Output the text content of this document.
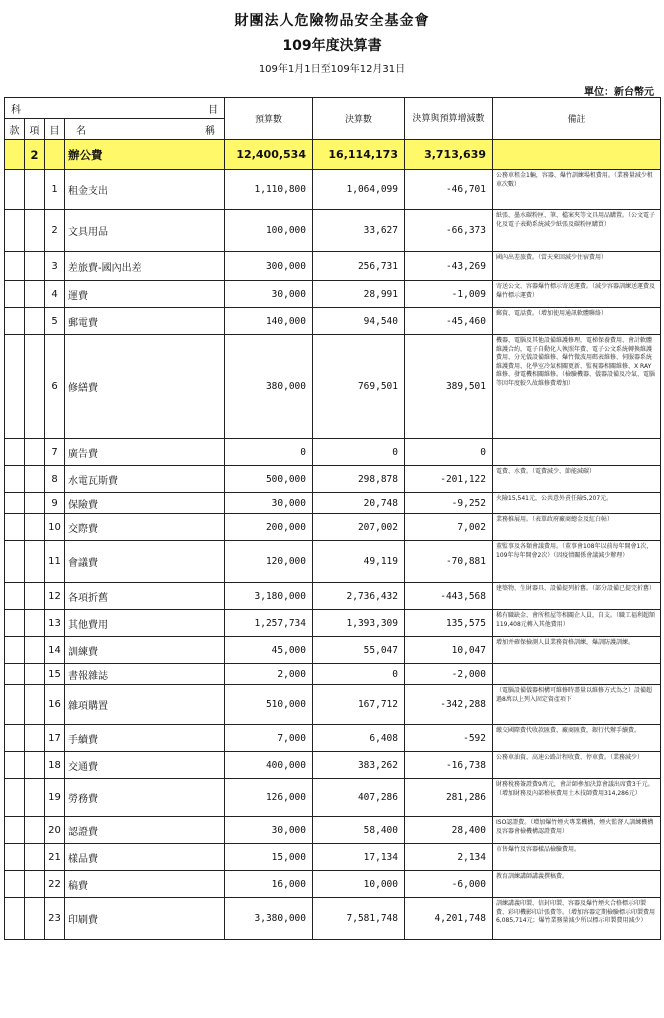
財團法人危險物品安全基金會
109年度決算書
109年1月1日至109年12月31日
單位：新台幣元
科 目				預算數	決算數	決算與預算增減數	備註
款	項	目	名 稱				

	2		辦公費	12,400,534	16,114,173	3,713,639	
		1	租金支出	1,110,800	1,064,099	-46,701	公務車租金1輛，容器、爆竹訓練場租費用。（業務量減少租車次數）
		2	文具用品	100,000	33,627	-66,373	紙張、墨水碳粉匣、筆、檔案夾等文具用品購置。（公文電子化及電子表勤系統減少紙張及碳粉匣購買）
		3	差旅費-國內出差	300,000	256,731	-43,269	國內出差旅費。（當天來回減少住宿費用）
		4	運費	30,000	28,991	-1,009	寄送公文、容器爆竹標示寄送運費。（減少容器訓練送運費及爆竹標示運費）
		5	郵電費	140,000	94,540	-45,460	郵資、電話費。（增加使用通訊軟體聯絡）
		6	修繕費	380,000	769,501	389,501	機器、電腦及其他設備維護修理，電梯保養費用、會計軟體維護合約，電子自動化人執照年費、電子公文系統轉換維護費用、分光儀設備維修、爆竹微波用碼表維修、伺服器系統維護費用、化學室冷氣相關更新、監視器相關維修、X RAY維修、發電機相關維修。（檢驗機器、儀器設備及冷氣、電腦等因年度較久故維修費增加）
		7	廣告費	0	0	0	
		8	水電瓦斯費	500,000	298,878	-201,122	電費、水費。（電費減少、節能減碳）
		9	保險費	30,000	20,748	-9,252	火險15,541元，公共意外責任險5,207元。
		10	交際費	200,000	207,002	7,002	業務推展用。（表單政府廠商總金及紅白帖）
		11	會議費	120,000	49,119	-70,881	董監事及各類會議費用。（董事會108年以前每年開會1次，109年每年開會2次）（因疫情關係會議減少辦理）
		12	各項折舊	3,180,000	2,736,432	-443,568	建築物、生財器具、設備提列折舊。（部分設備已提完折舊）
		13	其他費用	1,257,734	1,393,309	135,575	稀有職缺金、會所租屋等相關企人員，自支。（職工福利超額119,408元轉入其他費用）
		14	訓練費	45,000	55,047	10,047	增加并確保檢測人員業務資格訓練，爆訓防護訓練。
		15	書報雜誌	2,000	0	-2,000	
		16	雜項購置	510,000	167,712	-342,288	（電腦設備儀器相構可維修時盡量以維修方式為之）設備超過8萬以上列入固定資產項下
		17	手續費	7,000	6,408	-592	繳交國際費代收款匯費、廠商匯費，銀行代辦手續費。
		18	交通費	400,000	383,262	-16,738	公務車油資、高速公路計程收費、停車費。（業務減少）
		19	勞務費	126,000	407,286	281,286	財務稅務簽證費9萬元，會計師參加決算會議出席費3千元。（增加財務及內部稽核費用土木技師費用314,286元）
		20	認證費	30,000	58,400	28,400	ISO認證費。（增加爆竹煙火專業機構，煙火監督人訓練機構及容器會檢機構認證費用）
		21	樣品費	15,000	17,134	2,134	市售爆竹及容器樣品檢驗費用。
		22	稿費	16,000	10,000	-6,000	教育訓練講師講義撰稿費。
		23	印刷費	3,380,000	7,581,748	4,201,748	訓練講義印製、信封印製、容器及爆竹煙火合格標示印製費、彩印機影印計張費等。（增加容器定期檢驗標示印製費用6,085,714元；爆竹業務量減少所以標示印製費用減少）
